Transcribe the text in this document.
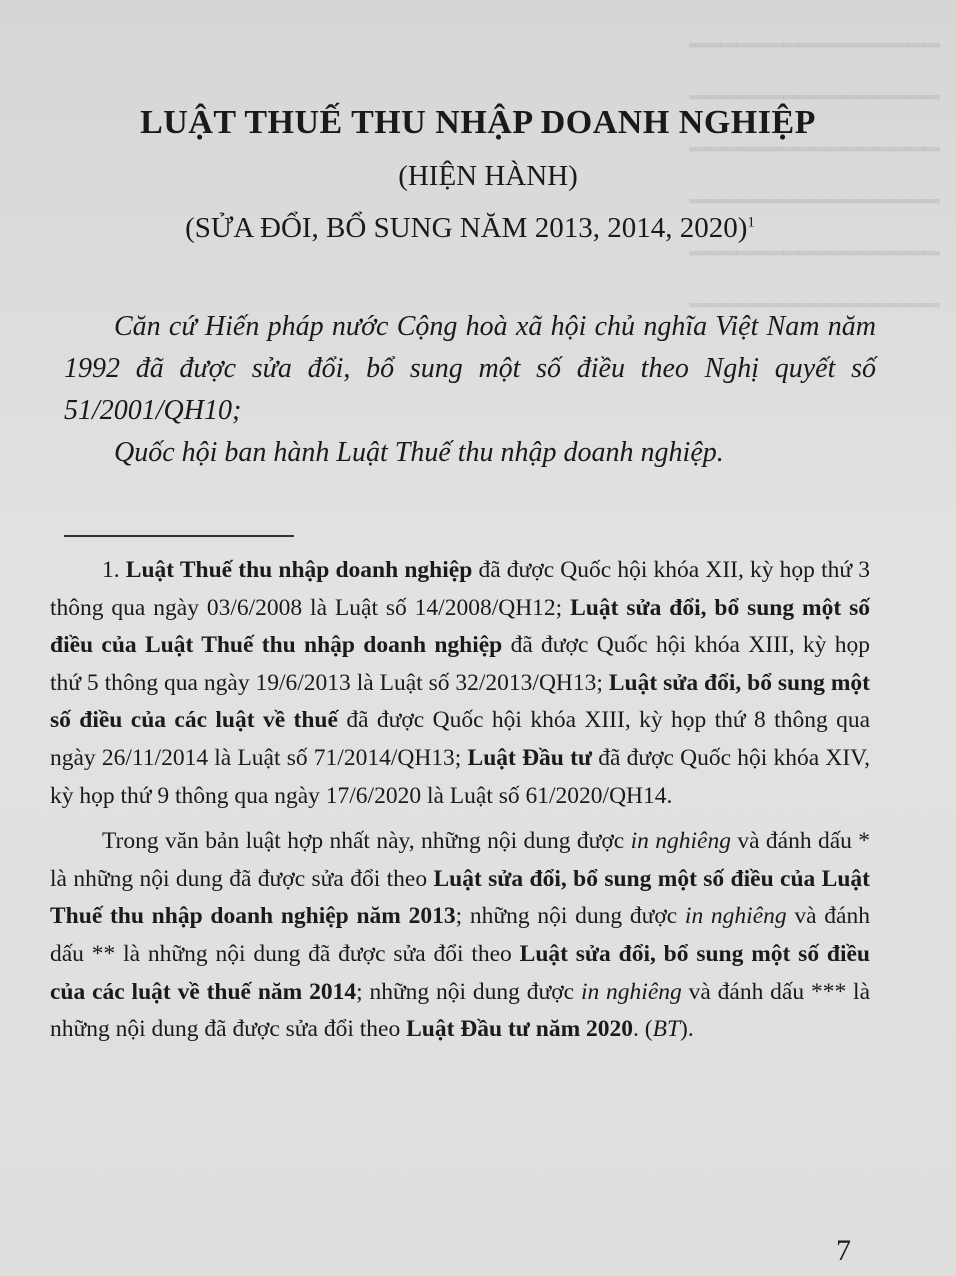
━━━━━━━━━━━━━━━━
━━━━━━━━━━━━━━━━
━━━━━━━━━━━━━━━━
━━━━━━━━━━━━━━━━
━━━━━━━━━━━━━━━━
━━━━━━━━━━━━━━━━
LUẬT THUẾ THU NHẬP DOANH NGHIỆP
(HIỆN HÀNH)
(SỬA ĐỔI, BỔ SUNG NĂM 2013, 2014, 2020)$^1$

Căn cứ Hiến pháp nước Cộng hoà xã hội chủ nghĩa Việt Nam năm 1992 đã được sửa đổi, bổ sung một số điều theo Nghị quyết số 51/2001/QH10;

Quốc hội ban hành Luật Thuế thu nhập doanh nghiệp.

1. Luật Thuế thu nhập doanh nghiệp đã được Quốc hội khóa XII, kỳ họp thứ 3 thông qua ngày 03/6/2008 là Luật số 14/2008/QH12; Luật sửa đổi, bổ sung một số điều của Luật Thuế thu nhập doanh nghiệp đã được Quốc hội khóa XIII, kỳ họp thứ 5 thông qua ngày 19/6/2013 là Luật số 32/2013/QH13; Luật sửa đổi, bổ sung một số điều của các luật về thuế đã được Quốc hội khóa XIII, kỳ họp thứ 8 thông qua ngày 26/11/2014 là Luật số 71/2014/QH13; Luật Đầu tư đã được Quốc hội khóa XIV, kỳ họp thứ 9 thông qua ngày 17/6/2020 là Luật số 61/2020/QH14.

Trong văn bản luật hợp nhất này, những nội dung được in nghiêng và đánh dấu * là những nội dung đã được sửa đổi theo Luật sửa đổi, bổ sung một số điều của Luật Thuế thu nhập doanh nghiệp năm 2013; những nội dung được in nghiêng và đánh dấu ** là những nội dung đã được sửa đổi theo Luật sửa đổi, bổ sung một số điều của các luật về thuế năm 2014; những nội dung được in nghiêng và đánh dấu *** là những nội dung đã được sửa đổi theo Luật Đầu tư năm 2020. (BT).

7
